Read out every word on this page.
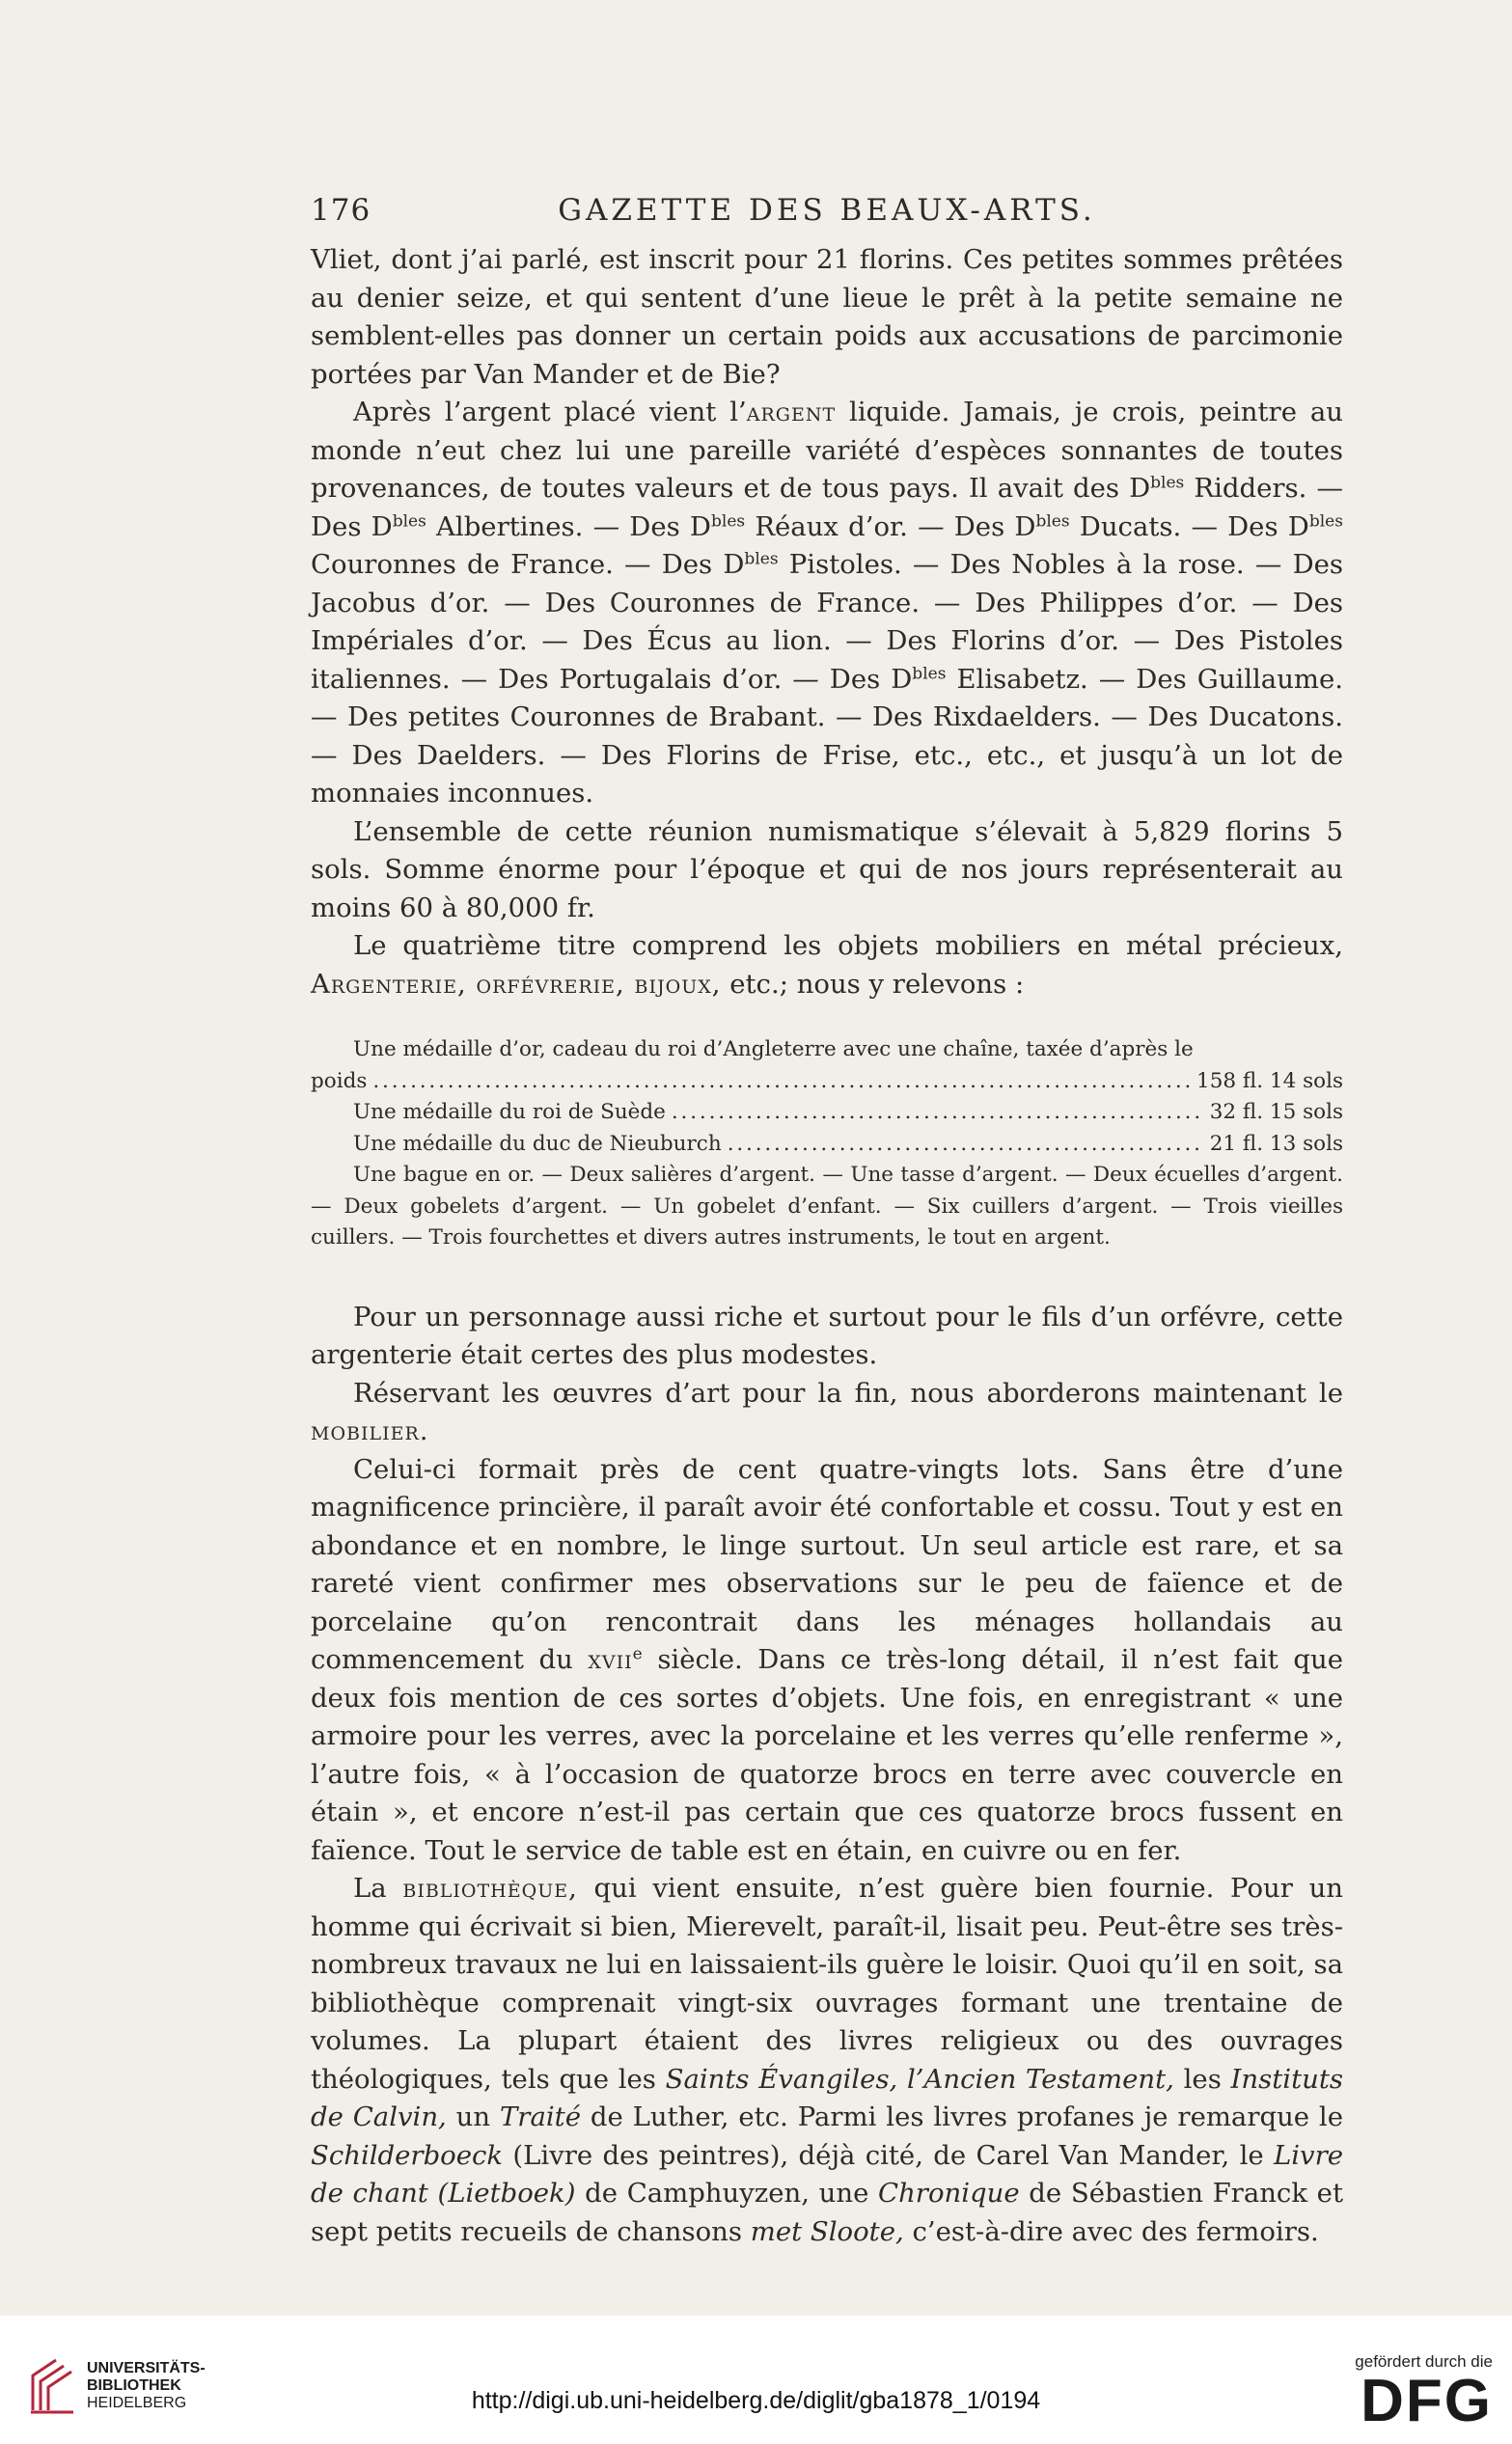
176	GAZETTE DES BEAUX-ARTS.

Vliet, dont j’ai parlé, est inscrit pour 21 florins. Ces petites sommes prêtées au denier seize, et qui sentent d’une lieue le prêt à la petite semaine ne semblent-elles pas donner un certain poids aux accusations de parcimonie portées par Van Mander et de Bie?

Après l’argent placé vient l’argent liquide. Jamais, je crois, peintre au monde n’eut chez lui une pareille variété d’espèces sonnantes de toutes provenances, de toutes valeurs et de tous pays. Il avait des $D^{bles}$ Ridders. — Des $D^{bles}$ Albertines. — Des $D^{bles}$ Réaux d’or. — Des $D^{bles}$ Ducats. — Des $D^{bles}$ Couronnes de France. — Des $D^{bles}$ Pistoles. — Des Nobles à la rose. — Des Jacobus d’or. — Des Couronnes de France. — Des Philippes d’or. — Des Impériales d’or. — Des Écus au lion. — Des Florins d’or. — Des Pistoles italiennes. — Des Portugalais d’or. — Des $D^{bles}$ Elisabetz. — Des Guillaume. — Des petites Couronnes de Brabant. — Des Rixdaelders. — Des Ducatons. — Des Daelders. — Des Florins de Frise, etc., etc., et jusqu’à un lot de monnaies inconnues.

L’ensemble de cette réunion numismatique s’élevait à 5,829 florins 5 sols. Somme énorme pour l’époque et qui de nos jours représenterait au moins 60 à 80,000 fr.

Le quatrième titre comprend les objets mobiliers en métal précieux, Argenterie, orfévrerie, bijoux, etc.; nous y relevons :

Une médaille d’or, cadeau du roi d’Angleterre avec une chaîne, taxée d’après le
poids . . .	158 fl. 14 sols
Une médaille du roi de Suède . . .	32 fl. 15 sols
Une médaille du duc de Nieuburch . . .	21 fl. 13 sols
Une bague en or. — Deux salières d’argent. — Une tasse d’argent. — Deux écuelles d’argent. — Deux gobelets d’argent. — Un gobelet d’enfant. — Six cuillers d’argent. — Trois vieilles cuillers. — Trois fourchettes et divers autres instruments, le tout en argent.

Pour un personnage aussi riche et surtout pour le fils d’un orfévre, cette argenterie était certes des plus modestes.

Réservant les œuvres d’art pour la fin, nous aborderons maintenant le mobilier.

Celui-ci formait près de cent quatre-vingts lots. Sans être d’une magnificence princière, il paraît avoir été confortable et cossu. Tout y est en abondance et en nombre, le linge surtout. Un seul article est rare, et sa rareté vient confirmer mes observations sur le peu de faïence et de porcelaine qu’on rencontrait dans les ménages hollandais au commencement du xvii$^e$ siècle. Dans ce très-long détail, il n’est fait que deux fois mention de ces sortes d’objets. Une fois, en enregistrant « une armoire pour les verres, avec la porcelaine et les verres qu’elle renferme », l’autre fois, « à l’occasion de quatorze brocs en terre avec couvercle en étain », et encore n’est-il pas certain que ces quatorze brocs fussent en faïence. Tout le service de table est en étain, en cuivre ou en fer.

La bibliothèque, qui vient ensuite, n’est guère bien fournie. Pour un homme qui écrivait si bien, Mierevelt, paraît-il, lisait peu. Peut-être ses très-nombreux travaux ne lui en laissaient-ils guère le loisir. Quoi qu’il en soit, sa bibliothèque comprenait vingt-six ouvrages formant une trentaine de volumes. La plupart étaient des livres religieux ou des ouvrages théologiques, tels que les Saints Évangiles, l’Ancien Testament, les Instituts de Calvin, un Traité de Luther, etc. Parmi les livres profanes je remarque le Schilderboeck (Livre des peintres), déjà cité, de Carel Van Mander, le Livre de chant (Lietboek) de Camphuyzen, une Chronique de Sébastien Franck et sept petits recueils de chansons met Sloote, c’est-à-dire avec des fermoirs.

UNIVERSITÄTS-
BIBLIOTHEK
HEIDELBERG	http://digi.ub.uni-heidelberg.de/diglit/gba1878_1/0194
gefördert durch die
DFG
